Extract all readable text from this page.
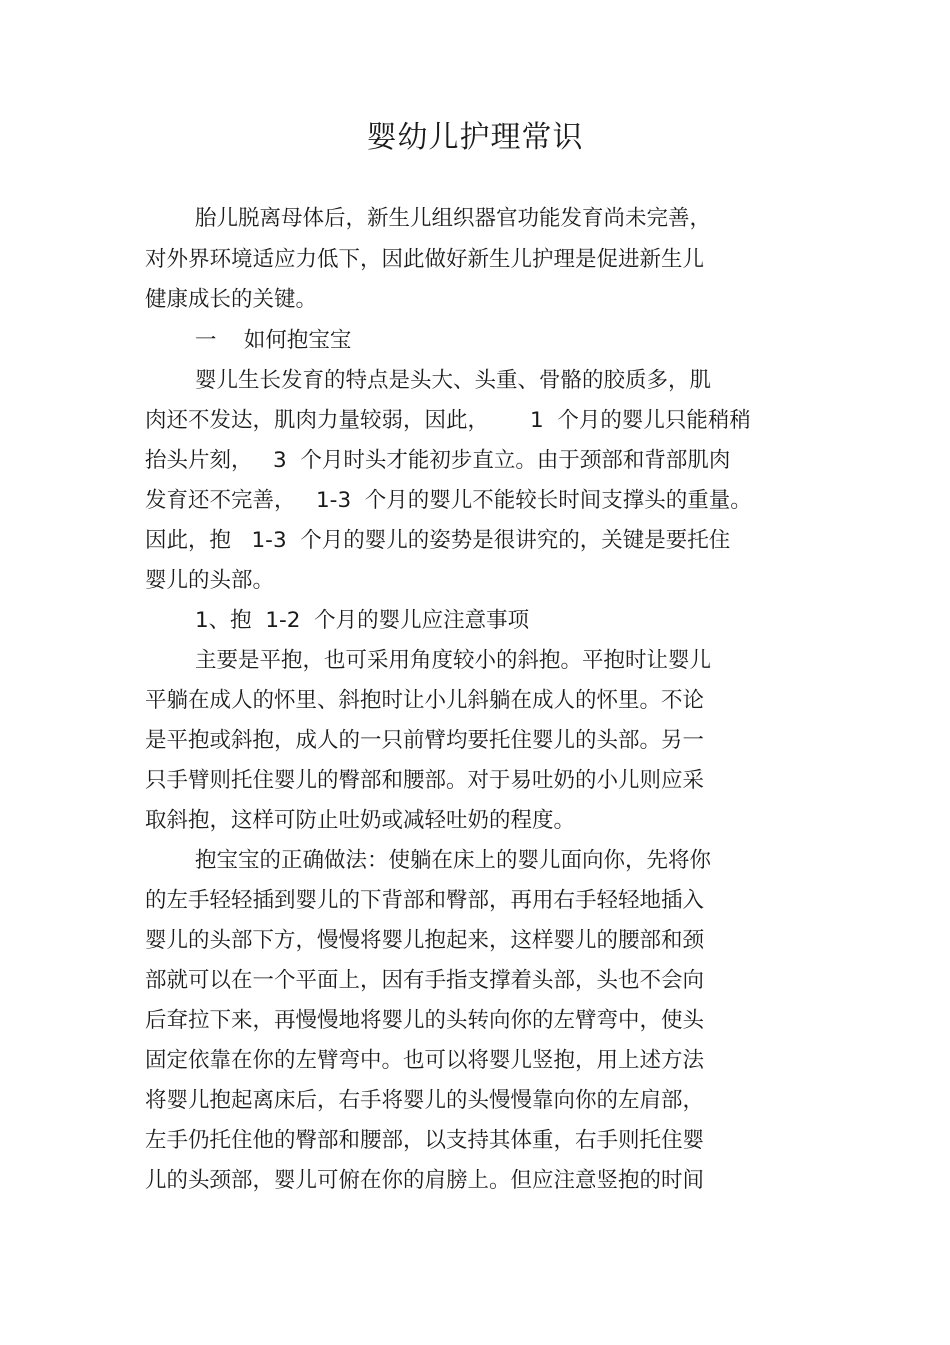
婴幼儿护理常识
胎儿脱离母体后，新生儿组织器官功能发育尚未完善，
对外界环境适应力低下，因此做好新生儿护理是促进新生儿
健康成长的关键。
一    如何抱宝宝
婴儿生长发育的特点是头大、头重、骨骼的胶质多，肌
肉还不发达，肌肉力量较弱，因此，      1  个月的婴儿只能稍稍
抬头片刻，   3  个月时头才能初步直立。由于颈部和背部肌肉
发育还不完善，   1-3  个月的婴儿不能较长时间支撑头的重量。
因此，抱   1-3  个月的婴儿的姿势是很讲究的，关键是要托住
婴儿的头部。
1、抱  1-2  个月的婴儿应注意事项
主要是平抱，也可采用角度较小的斜抱。平抱时让婴儿
平躺在成人的怀里、斜抱时让小儿斜躺在成人的怀里。不论
是平抱或斜抱，成人的一只前臂均要托住婴儿的头部。另一
只手臂则托住婴儿的臀部和腰部。对于易吐奶的小儿则应采
取斜抱，这样可防止吐奶或减轻吐奶的程度。
抱宝宝的正确做法：使躺在床上的婴儿面向你，先将你
的左手轻轻插到婴儿的下背部和臀部，再用右手轻轻地插入
婴儿的头部下方，慢慢将婴儿抱起来，这样婴儿的腰部和颈
部就可以在一个平面上，因有手指支撑着头部，头也不会向
后耷拉下来，再慢慢地将婴儿的头转向你的左臂弯中，使头
固定依靠在你的左臂弯中。也可以将婴儿竖抱，用上述方法
将婴儿抱起离床后，右手将婴儿的头慢慢靠向你的左肩部，
左手仍托住他的臀部和腰部，以支持其体重，右手则托住婴
儿的头颈部，婴儿可俯在你的肩膀上。但应注意竖抱的时间
